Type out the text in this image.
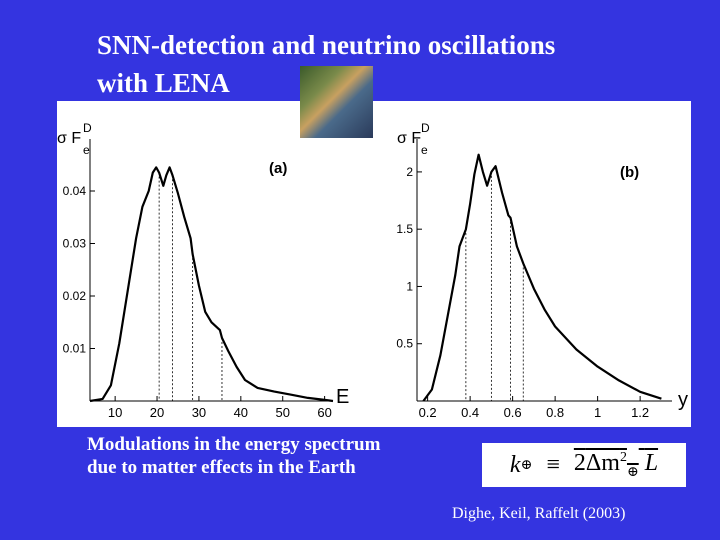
SNN-detection and neutrino oscillations
with LENA
10 20 30 40 50 60
0.01
0.02
0.03
0.04
(a)
σ F
D
e
E
0.2 0.4 0.6 0.8 1 1.2
0.5
1
1.5
2	(b)
σ F
D
e
y
Modulations in the energy spectrum due to matter effects in the Earth	k ⊕ ≡ $2\Delta m^2_\oplus$ L
Dighe, Keil, Raffelt (2003)
